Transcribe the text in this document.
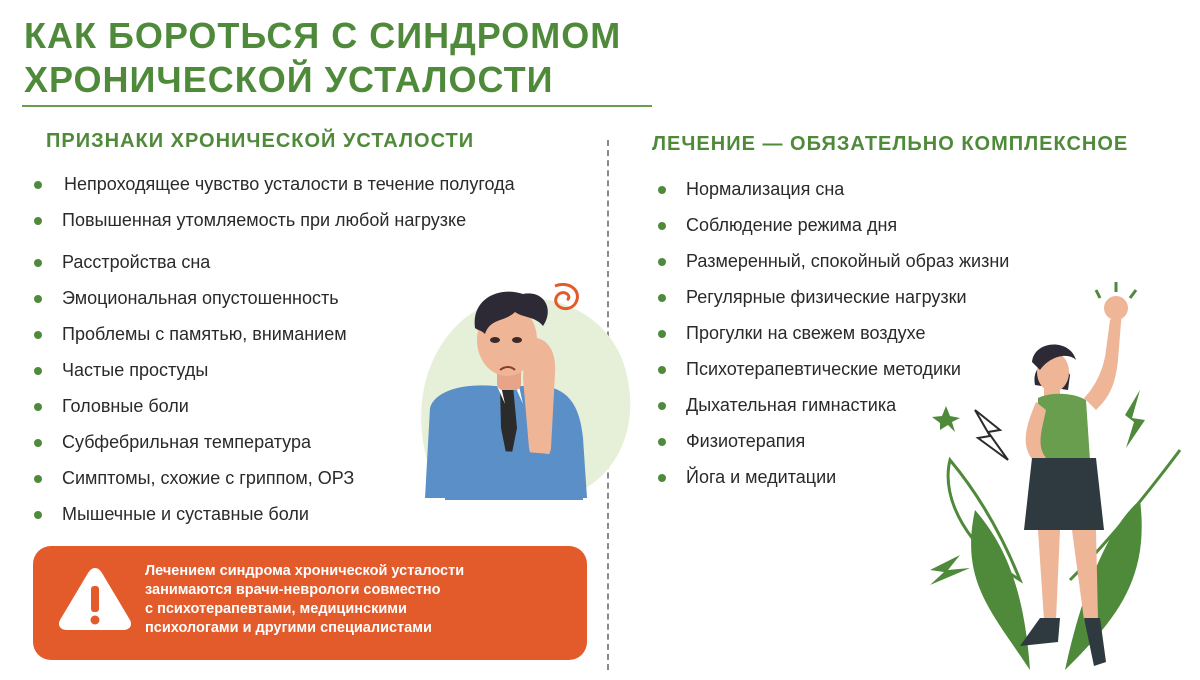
КАК БОРОТЬСЯ С СИНДРОМОМ
ХРОНИЧЕСКОЙ УСТАЛОСТИ
ПРИЗНАКИ ХРОНИЧЕСКОЙ УСТАЛОСТИ	ЛЕЧЕНИЕ — ОБЯЗАТЕЛЬНО КОМПЛЕКСНОЕ
Непроходящее чувство усталости в течение полугода
Повышенная утомляемость при любой нагрузке
Расстройства сна
Эмоциональная опустошенность
Проблемы с памятью, вниманием
Частые простуды
Головные боли
Субфебрильная температура
Симптомы, схожие с гриппом, ОРЗ
Мышечные и суставные боли
Нормализация сна
Соблюдение режима дня
Размеренный, спокойный образ жизни
Регулярные физические нагрузки
Прогулки на свежем воздухе
Психотерапевтические методики
Дыхательная гимнастика
Физиотерапия
Йога и медитации
Лечением синдрома хронической усталости
занимаются врачи-неврологи совместно
с психотерапевтами, медицинскими
психологами и другими специалистами
